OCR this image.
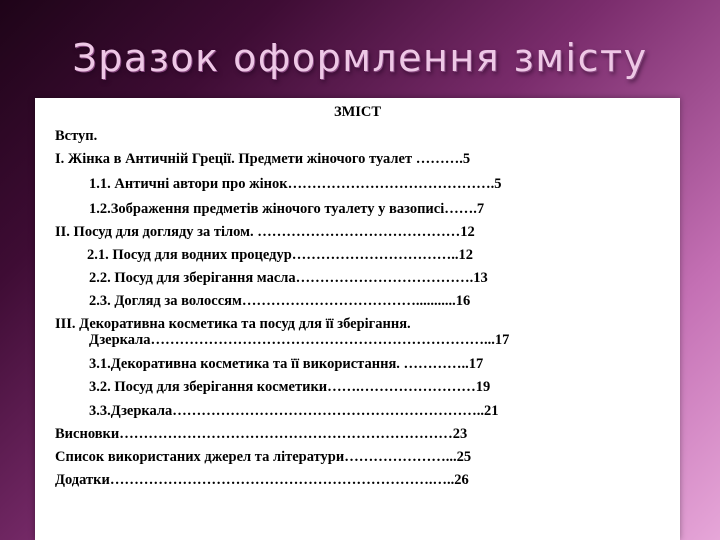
Зразок оформлення змісту
ЗМІСТ
Вступ.
І. Жінка в Античній Греції. Предмети жіночого туалет ……….5
1.1. Античні автори про жінок…………………………………….5
1.2.Зображення предметів жіночого туалету у вазописі…….7
ІІ. Посуд для догляду за тілом. ……………………………………12
2.1. Посуд для водних процедур……………………………..12
2.2. Посуд для зберігання масла……………………………….13
2.3. Догляд за волоссям………………………………...........16
ІІІ. Декоративна косметика та посуд для її зберігання.
Дзеркала……………………………………………………………...17
3.1.Декоративна косметика та її використання. …………..17
3.2. Посуд для зберігання косметики…….……………………19
3.3.Дзеркала………………………………………………………..21
Висновки……………………………………………………………23
Список використаних джерел та літератури…………………...25
Додатки………………………………………………………….…..26
